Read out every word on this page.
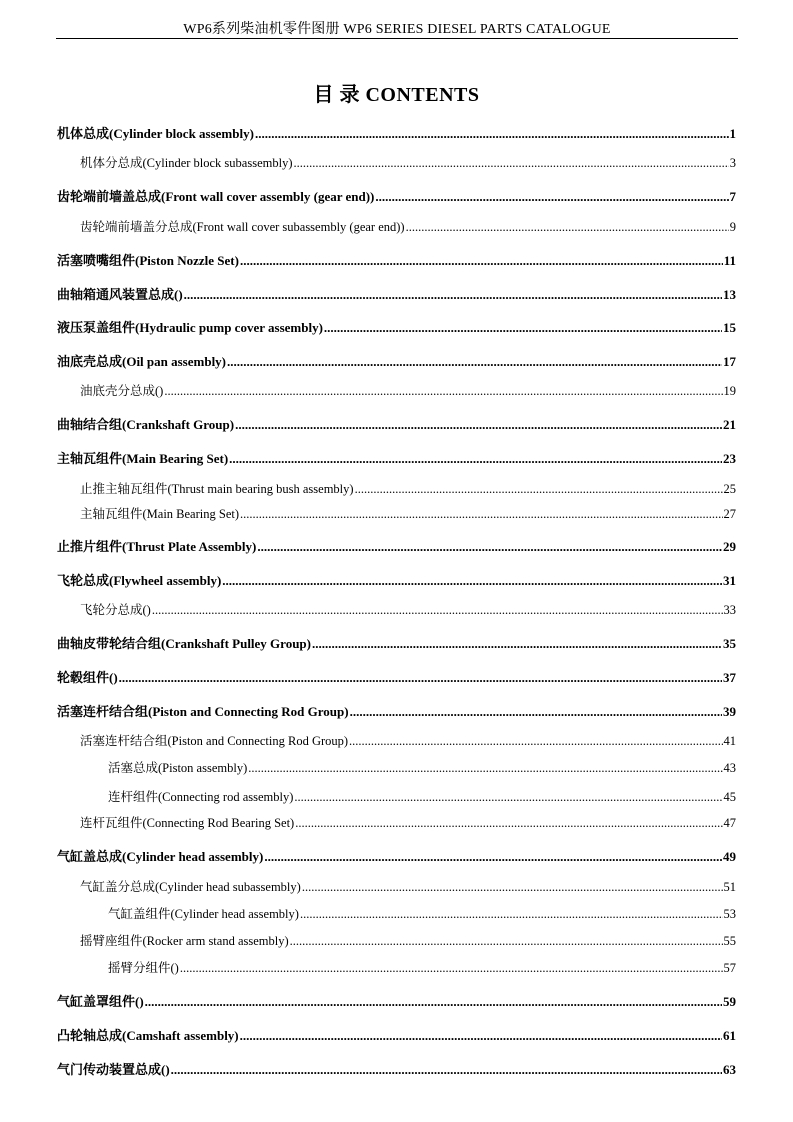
WP6系列柴油机零件图册 WP6 SERIES DIESEL PARTS CATALOGUE
目 录 CONTENTS
机体总成(Cylinder block assembly) .....	1
机体分总成(Cylinder block subassembly) .....	3
齿轮端前墙盖总成(Front wall cover assembly (gear end)) .....	7
齿轮端前墙盖分总成(Front wall cover subassembly (gear end)) .....	9
活塞喷嘴组件(Piston Nozzle Set) .....	11
曲轴箱通风装置总成() .....	13
液压泵盖组件(Hydraulic pump cover assembly) .....	15
油底壳总成(Oil pan assembly) .....	17
油底壳分总成() .....	19
曲轴结合组(Crankshaft Group) .....	21
主轴瓦组件(Main Bearing Set) .....	23
止推主轴瓦组件(Thrust main bearing bush assembly) .....	25
主轴瓦组件(Main Bearing Set) .....	27
止推片组件(Thrust Plate Assembly) .....	29
飞轮总成(Flywheel assembly) .....	31
飞轮分总成() .....	33
曲轴皮带轮结合组(Crankshaft Pulley Group) .....	35
轮毂组件() .....	37
活塞连杆结合组(Piston and Connecting Rod Group) .....	39
活塞连杆结合组(Piston and Connecting Rod Group) .....	41
活塞总成(Piston assembly) .....	43
连杆组件(Connecting rod assembly) .....	45
连杆瓦组件(Connecting Rod Bearing Set) .....	47
气缸盖总成(Cylinder head assembly) .....	49
气缸盖分总成(Cylinder head subassembly) .....	51
气缸盖组件(Cylinder head assembly) .....	53
摇臂座组件(Rocker arm stand assembly) .....	55
摇臂分组件() .....	57
气缸盖罩组件() .....	59
凸轮轴总成(Camshaft assembly) .....	61
气门传动装置总成() .....	63
